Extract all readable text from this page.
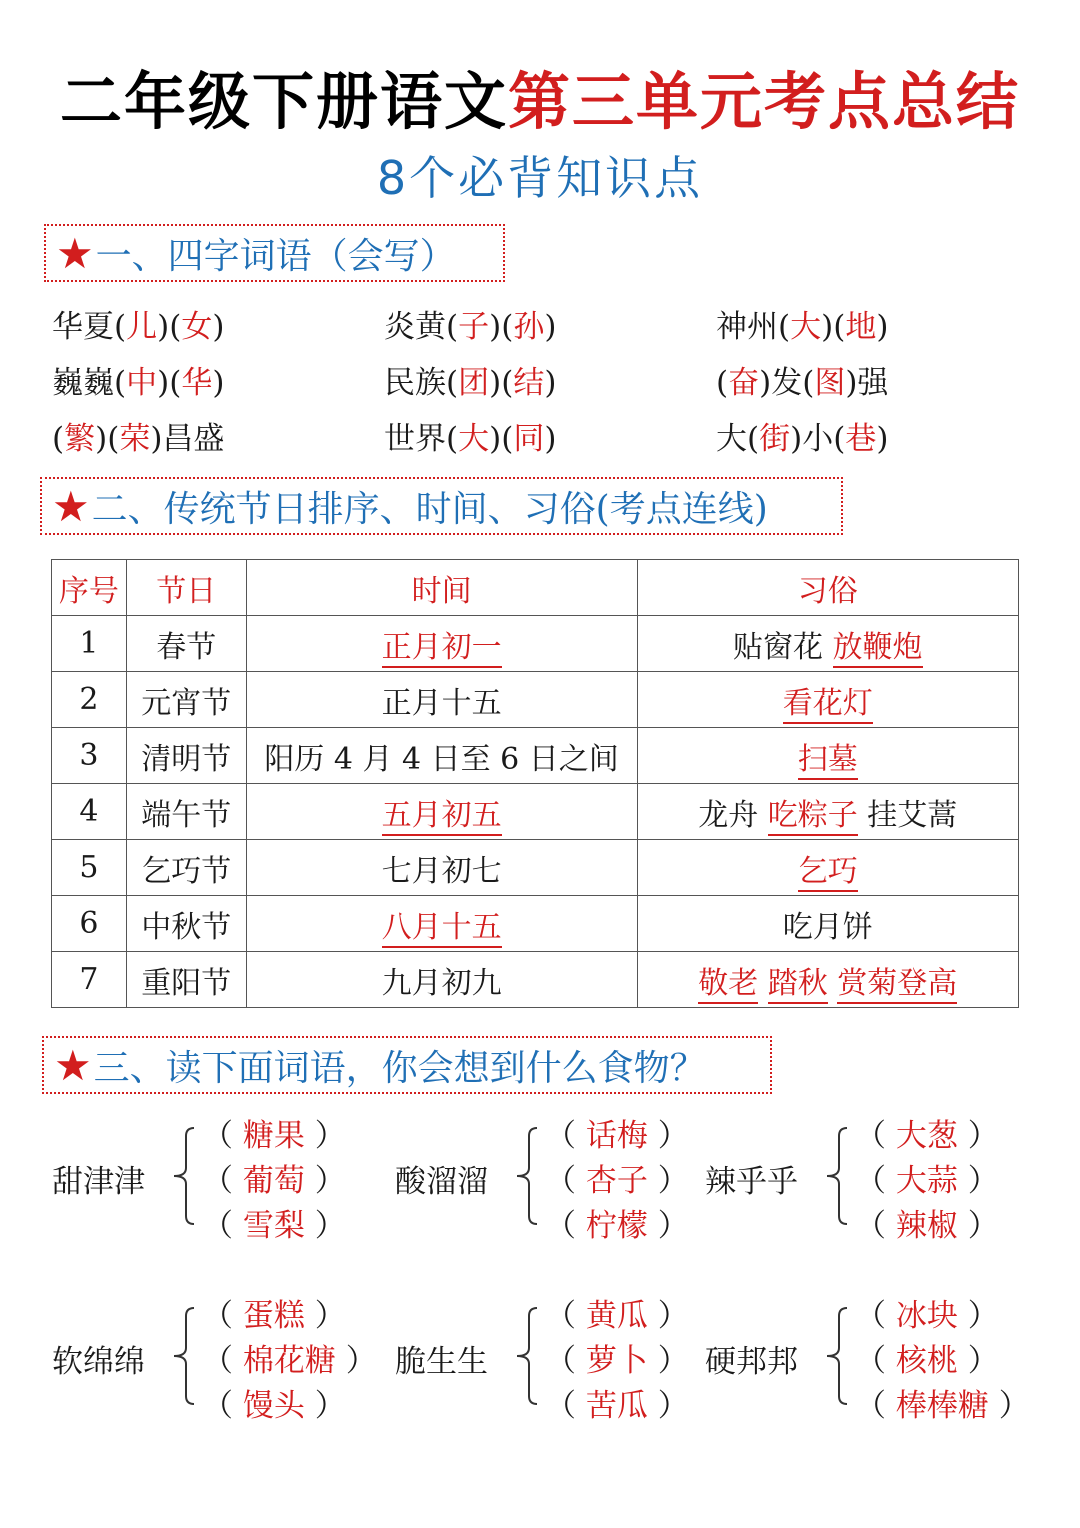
二年级下册语文第三单元考点总结
8个必背知识点
★ 一、四字词语（会写）
华夏(儿)(女)	炎黄(子)(孙)	神州(大)(地)
巍巍(中)(华)	民族(团)(结)	(奋)发(图)强
(繁)(荣)昌盛	世界(大)(同)	大(街)小(巷)
★ 二、传统节日排序、时间、习俗(考点连线)
序号	节日	时间	习俗
1	春节	正月初一	贴窗花 放鞭炮
2	元宵节	正月十五	看花灯
3	清明节	阳历 4 月 4 日至 6 日之间	扫墓
4	端午节	五月初五	龙舟 吃粽子 挂艾蒿
5	乞巧节	七月初七	乞巧
6	中秋节	八月十五	吃月饼
7	重阳节	九月初九	敬老 踏秋 赏菊登高
★ 三、读下面词语，你会想到什么食物？
甜津津
（ 糖果 ）
（ 葡萄 ）
（ 雪梨 ）
酸溜溜
（ 话梅 ）
（ 杏子 ）
（ 柠檬 ）
辣乎乎
（ 大葱 ）
（ 大蒜 ）
（ 辣椒 ）
软绵绵
（ 蛋糕 ）
（ 棉花糖 ）
（ 馒头 ）
脆生生
（ 黄瓜 ）
（ 萝卜 ）
（ 苦瓜 ）
硬邦邦
（ 冰块 ）
（ 核桃 ）
（ 棒棒糖 ）
